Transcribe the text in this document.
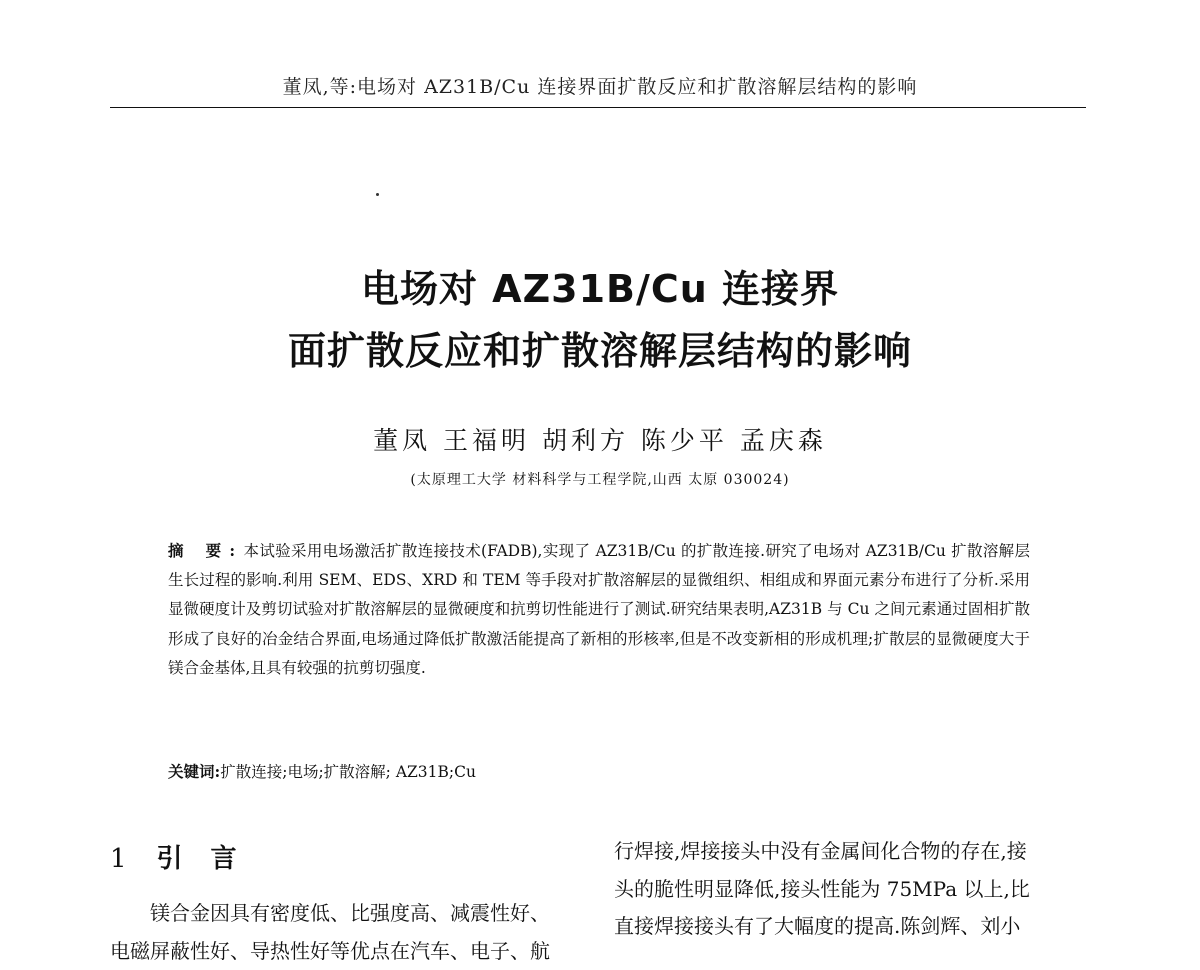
董凤,等:电场对 AZ31B/Cu 连接界面扩散反应和扩散溶解层结构的影响
电场对 AZ31B/Cu 连接界
面扩散反应和扩散溶解层结构的影响
董凤 王福明 胡利方 陈少平 孟庆森
(太原理工大学 材料科学与工程学院,山西 太原 030024)
摘 要:本试验采用电场激活扩散连接技术(FADB),实现了 AZ31B/Cu 的扩散连接.研究了电场对 AZ31B/Cu 扩散溶解层生长过程的影响.利用 SEM、EDS、XRD 和 TEM 等手段对扩散溶解层的显微组织、相组成和界面元素分布进行了分析.采用显微硬度计及剪切试验对扩散溶解层的显微硬度和抗剪切性能进行了测试.研究结果表明,AZ31B 与 Cu 之间元素通过固相扩散形成了良好的冶金结合界面,电场通过降低扩散激活能提高了新相的形核率,但是不改变新相的形成机理;扩散层的显微硬度大于镁合金基体,且具有较强的抗剪切强度.
关键词:扩散连接;电场;扩散溶解; AZ31B;Cu
1 引言
镁合金因具有密度低、比强度高、减震性好、
电磁屏蔽性好、导热性好等优点在汽车、电子、航
行焊接,焊接接头中没有金属间化合物的存在,接
头的脆性明显降低,接头性能为 75MPa 以上,比
直接焊接接头有了大幅度的提高.陈剑辉、刘小
